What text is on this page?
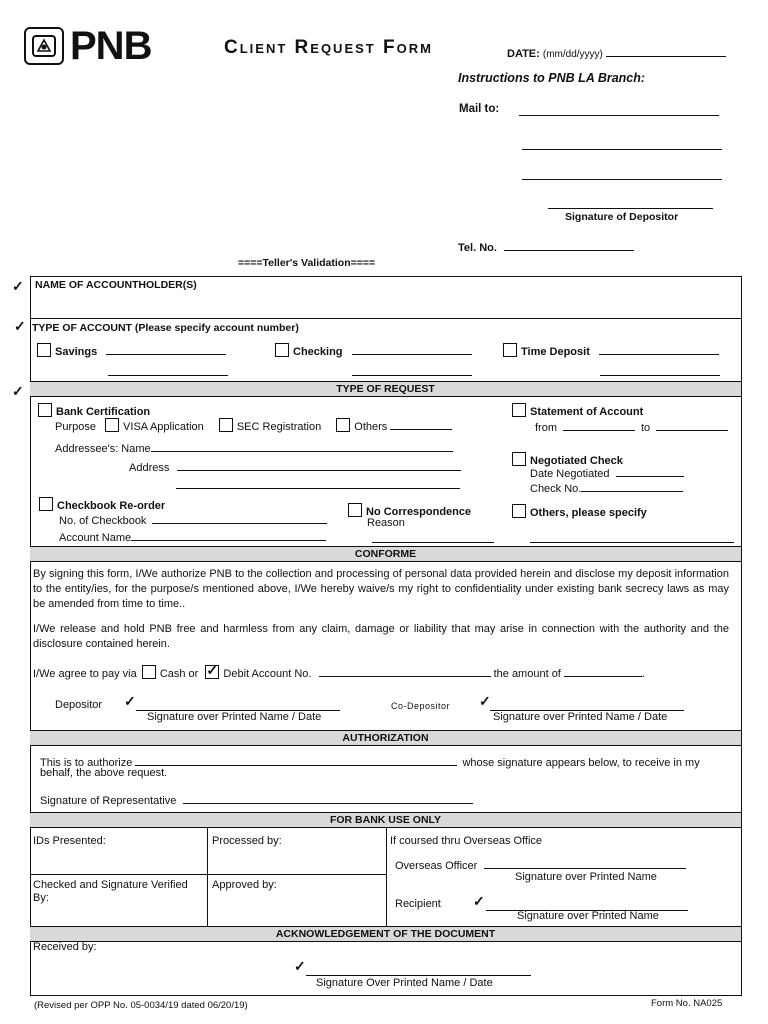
PNB	Client Request Form	DATE: (mm/dd/yyyy)
Instructions to PNB LA Branch:
Mail to:
Signature of Depositor
Tel. No.
====Teller's Validation====
✓
✓
✓
NAME OF ACCOUNTHOLDER(S)
TYPE OF ACCOUNT (Please specify account number)
Savings	Checking	Time Deposit
TYPE OF REQUEST
Bank Certification
Purpose VISA Application	SEC Registration	Others
Addressee's: Name
Address
Statement of Account
from	to
Negotiated Check
Date Negotiated
Check No.
Checkbook Re-order
No. of Checkbook
Account Name
No Correspondence
Reason
Others, please specify
CONFORME
By signing this form, I/We authorize PNB to the collection and processing of personal data provided herein and disclose my deposit information to the entity/ies, for the purpose/s mentioned above, I/We hereby waive/s my right to confidentiality under existing bank secrecy laws as may be amended from time to time..
I/We release and hold PNB free and harmless from any claim, damage or liability that may arise in connection with the authority and the disclosure contained herein.
I/We agree to pay via Cash or ✓ Debit Account No.	the amount of	.
Depositor ✓
Signature over Printed Name / Date
Co-Depositor ✓
Signature over Printed Name / Date
AUTHORIZATION
This is to authorize	whose signature appears below, to receive in my
behalf, the above request.
Signature of Representative
FOR BANK USE ONLY
IDs Presented:	Processed by:	If coursed thru Overseas Office
Overseas Officer
Signature over Printed Name
Checked and Signature Verified By:
Approved by:
Recipient ✓
Signature over Printed Name
ACKNOWLEDGEMENT OF THE DOCUMENT
Received by:
✓
Signature Over Printed Name / Date
(Revised per OPP No. 05-0034/19 dated 06/20/19)	Form No. NA025
